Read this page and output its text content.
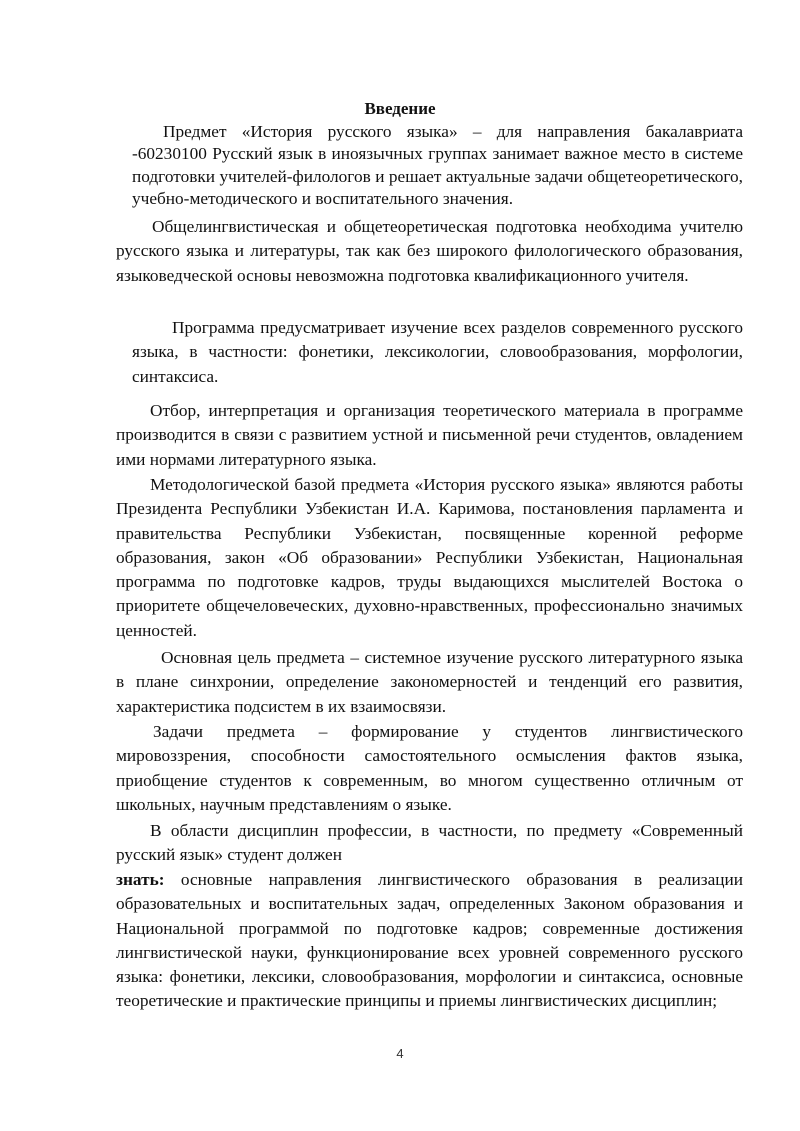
Введение

Предмет «История русского языка» – для направления бакалавриата -60230100 Русский язык в иноязычных группах занимает важное место в системе подготовки учителей-филологов и решает актуальные задачи общетеоретического, учебно-методического и воспитательного значения.

Общелингвистическая и общетеоретическая подготовка необходима учителю русского языка и литературы, так как без широкого филологического образования, языковедческой основы невозможна подготовка квалификационного учителя.

Программа предусматривает изучение всех разделов современного русского языка, в частности: фонетики, лексикологии, словообразования, морфологии, синтаксиса.

Отбор, интерпретация и организация теоретического материала в программе производится в связи с развитием устной и письменной речи студентов, овладением ими нормами литературного языка.

Методологической базой предмета «История русского языка» являются работы Президента Республики Узбекистан И.А. Каримова, постановления парламента и правительства Республики Узбекистан, посвященные коренной реформе образования, закон «Об образовании» Республики Узбекистан, Национальная программа по подготовке кадров, труды выдающихся мыслителей Востока о приоритете общечеловеческих, духовно-нравственных, профессионально значимых ценностей.

Основная цель предмета – системное изучение русского литературного языка в плане синхронии, определение закономерностей и тенденций его развития, характеристика подсистем в их взаимосвязи.

Задачи предмета – формирование у студентов лингвистического мировоззрения, способности самостоятельного осмысления фактов языка, приобщение студентов к современным, во многом существенно отличным от школьных, научным представлениям о языке.

В области дисциплин профессии, в частности, по предмету «Современный русский язык» студент должен

знать: основные направления лингвистического образования в реализации образовательных и воспитательных задач, определенных Законом образования и Национальной программой по подготовке кадров; современные достижения лингвистической науки, функционирование всех уровней современного русского языка: фонетики, лексики, словообразования, морфологии и синтаксиса, основные теоретические и практические принципы и приемы лингвистических дисциплин;

4
